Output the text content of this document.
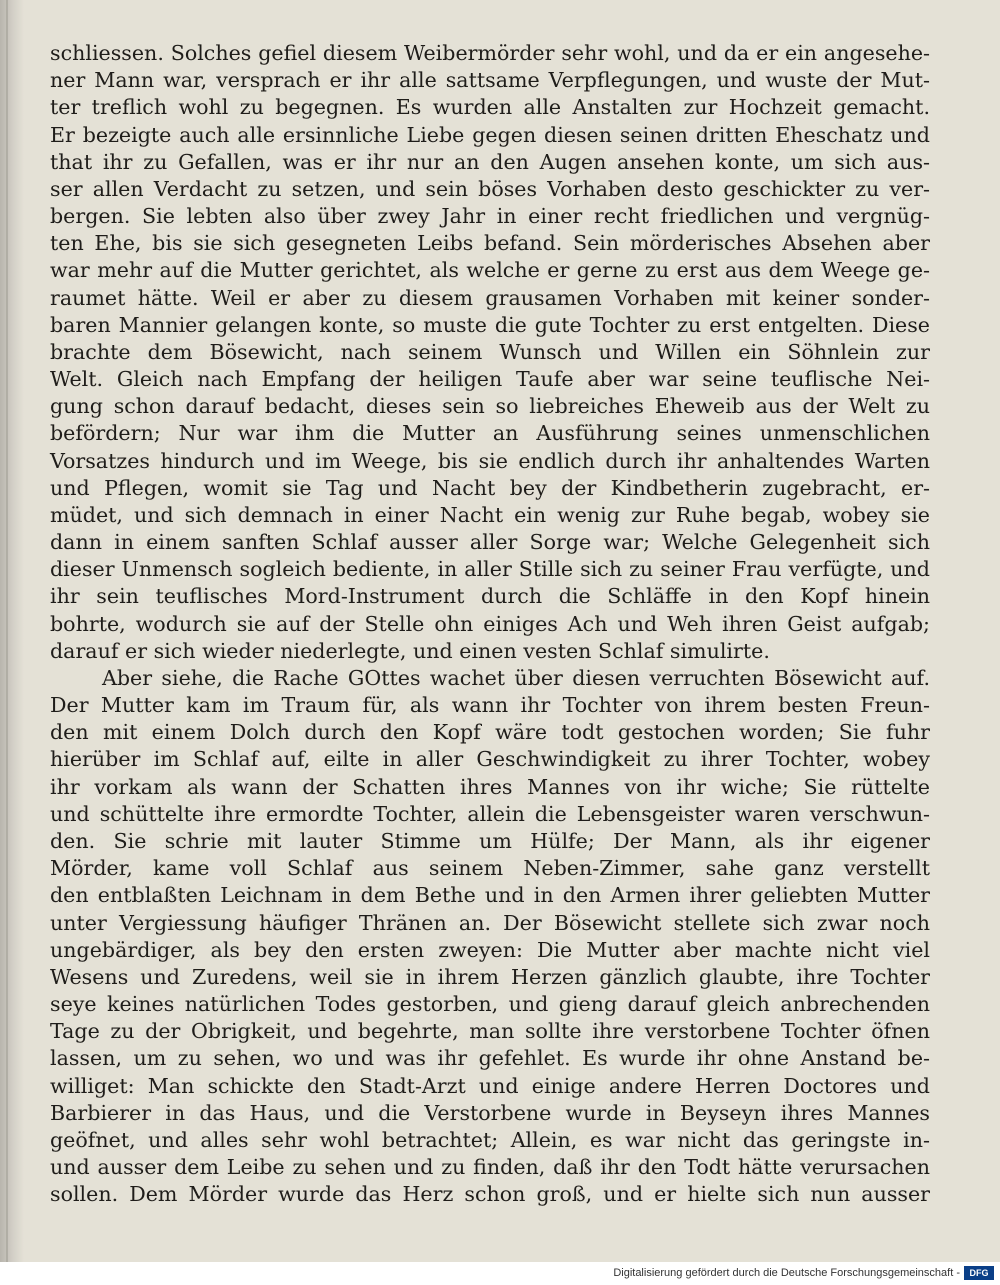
schliessen. Solches gefiel diesem Weibermörder sehr wohl, und da er ein angesehe-
ner Mann war, versprach er ihr alle sattsame Verpflegungen, und wuste der Mut-
ter treflich wohl zu begegnen. Es wurden alle Anstalten zur Hochzeit gemacht.
Er bezeigte auch alle ersinnliche Liebe gegen diesen seinen dritten Eheschatz und
that ihr zu Gefallen, was er ihr nur an den Augen ansehen konte, um sich aus-
ser allen Verdacht zu setzen, und sein böses Vorhaben desto geschickter zu ver-
bergen. Sie lebten also über zwey Jahr in einer recht friedlichen und vergnüg-
ten Ehe, bis sie sich gesegneten Leibs befand. Sein mörderisches Absehen aber
war mehr auf die Mutter gerichtet, als welche er gerne zu erst aus dem Weege ge-
raumet hätte. Weil er aber zu diesem grausamen Vorhaben mit keiner sonder-
baren Mannier gelangen konte, so muste die gute Tochter zu erst entgelten. Diese
brachte dem Bösewicht, nach seinem Wunsch und Willen ein Söhnlein zur
Welt. Gleich nach Empfang der heiligen Taufe aber war seine teuflische Nei-
gung schon darauf bedacht, dieses sein so liebreiches Eheweib aus der Welt zu
befördern; Nur war ihm die Mutter an Ausführung seines unmenschlichen
Vorsatzes hindurch und im Weege, bis sie endlich durch ihr anhaltendes Warten
und Pflegen, womit sie Tag und Nacht bey der Kindbetherin zugebracht, er-
müdet, und sich demnach in einer Nacht ein wenig zur Ruhe begab, wobey sie
dann in einem sanften Schlaf ausser aller Sorge war; Welche Gelegenheit sich
dieser Unmensch sogleich bediente, in aller Stille sich zu seiner Frau verfügte, und
ihr sein teuflisches Mord-Instrument durch die Schläffe in den Kopf hinein
bohrte, wodurch sie auf der Stelle ohn einiges Ach und Weh ihren Geist aufgab;
darauf er sich wieder niederlegte, und einen vesten Schlaf simulirte.
Aber siehe, die Rache GOttes wachet über diesen verruchten Bösewicht auf.
Der Mutter kam im Traum für, als wann ihr Tochter von ihrem besten Freun-
den mit einem Dolch durch den Kopf wäre todt gestochen worden; Sie fuhr
hierüber im Schlaf auf, eilte in aller Geschwindigkeit zu ihrer Tochter, wobey
ihr vorkam als wann der Schatten ihres Mannes von ihr wiche; Sie rüttelte
und schüttelte ihre ermordte Tochter, allein die Lebensgeister waren verschwun-
den. Sie schrie mit lauter Stimme um Hülfe; Der Mann, als ihr eigener
Mörder, kame voll Schlaf aus seinem Neben-Zimmer, sahe ganz verstellt
den entblaßten Leichnam in dem Bethe und in den Armen ihrer geliebten Mutter
unter Vergiessung häufiger Thränen an. Der Bösewicht stellete sich zwar noch
ungebärdiger, als bey den ersten zweyen: Die Mutter aber machte nicht viel
Wesens und Zuredens, weil sie in ihrem Herzen gänzlich glaubte, ihre Tochter
seye keines natürlichen Todes gestorben, und gieng darauf gleich anbrechenden
Tage zu der Obrigkeit, und begehrte, man sollte ihre verstorbene Tochter öfnen
lassen, um zu sehen, wo und was ihr gefehlet. Es wurde ihr ohne Anstand be-
williget: Man schickte den Stadt-Arzt und einige andere Herren Doctores und
Barbierer in das Haus, und die Verstorbene wurde in Beyseyn ihres Mannes
geöfnet, und alles sehr wohl betrachtet; Allein, es war nicht das geringste in-
und ausser dem Leibe zu sehen und zu finden, daß ihr den Todt hätte verursachen
sollen. Dem Mörder wurde das Herz schon groß, und er hielte sich nun ausser
Digitalisierung gefördert durch die Deutsche Forschungsgemeinschaft -	DFG
